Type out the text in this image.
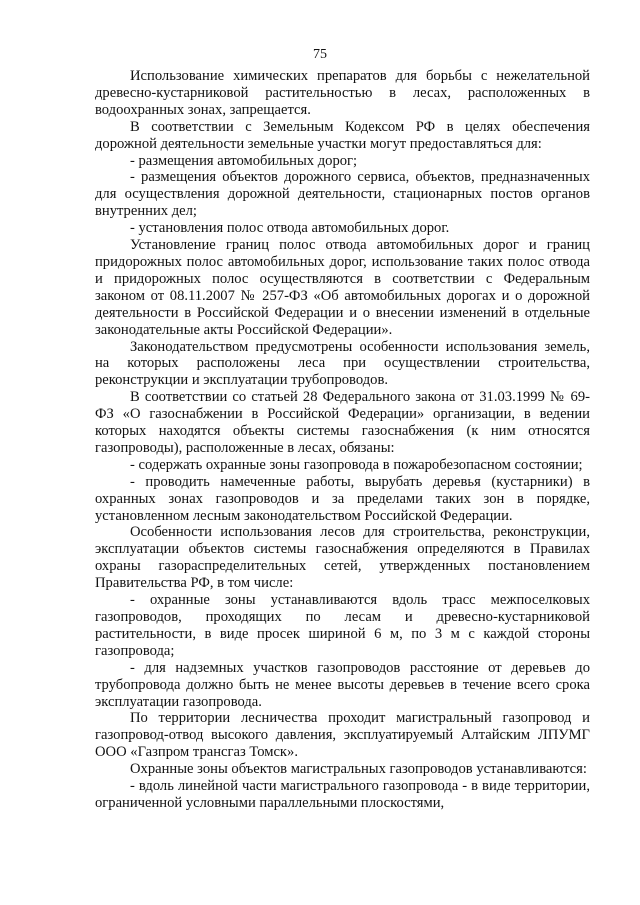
75

Использование химических препаратов для борьбы с нежелательной древесно-кустарниковой растительностью в лесах, расположенных в водоохранных зонах, запрещается.

В соответствии с Земельным Кодексом РФ в целях обеспечения дорожной деятельности земельные участки могут предоставляться для:

- размещения автомобильных дорог;

- размещения объектов дорожного сервиса, объектов, предназначенных для осуществления дорожной деятельности, стационарных постов органов внутренних дел;

- установления полос отвода автомобильных дорог.

Установление границ полос отвода автомобильных дорог и границ придорожных полос автомобильных дорог, использование таких полос отвода и придорожных полос осуществляются в соответствии с Федеральным законом от 08.11.2007 № 257-ФЗ «Об автомобильных дорогах и о дорожной деятельности в Российской Федерации и о внесении изменений в отдельные законодательные акты Российской Федерации».

Законодательством предусмотрены особенности использования земель, на которых расположены леса при осуществлении строительства, реконструкции и эксплуатации трубопроводов.

В соответствии со статьей 28 Федерального закона от 31.03.1999 № 69-ФЗ «О газоснабжении в Российской Федерации» организации, в ведении которых находятся объекты системы газоснабжения (к ним относятся газопроводы), расположенные в лесах, обязаны:

- содержать охранные зоны газопровода в пожаробезопасном состоянии;

- проводить намеченные работы, вырубать деревья (кустарники) в охранных зонах газопроводов и за пределами таких зон в порядке, установленном лесным законодательством Российской Федерации.

Особенности использования лесов для строительства, реконструкции, эксплуатации объектов системы газоснабжения определяются в Правилах охраны газораспределительных сетей, утвержденных постановлением Правительства РФ, в том числе:

- охранные зоны устанавливаются вдоль трасс межпоселковых газопроводов, проходящих по лесам и древесно-кустарниковой растительности, в виде просек шириной 6 м, по 3 м с каждой стороны газопровода;

- для надземных участков газопроводов расстояние от деревьев до трубопровода должно быть не менее высоты деревьев в течение всего срока эксплуатации газопровода.

По территории лесничества проходит магистральный газопровод и газопровод-отвод высокого давления, эксплуатируемый Алтайским ЛПУМГ ООО «Газпром трансгаз Томск».

Охранные зоны объектов магистральных газопроводов устанавливаются:

- вдоль линейной части магистрального газопровода - в виде территории, ограниченной условными параллельными плоскостями,
